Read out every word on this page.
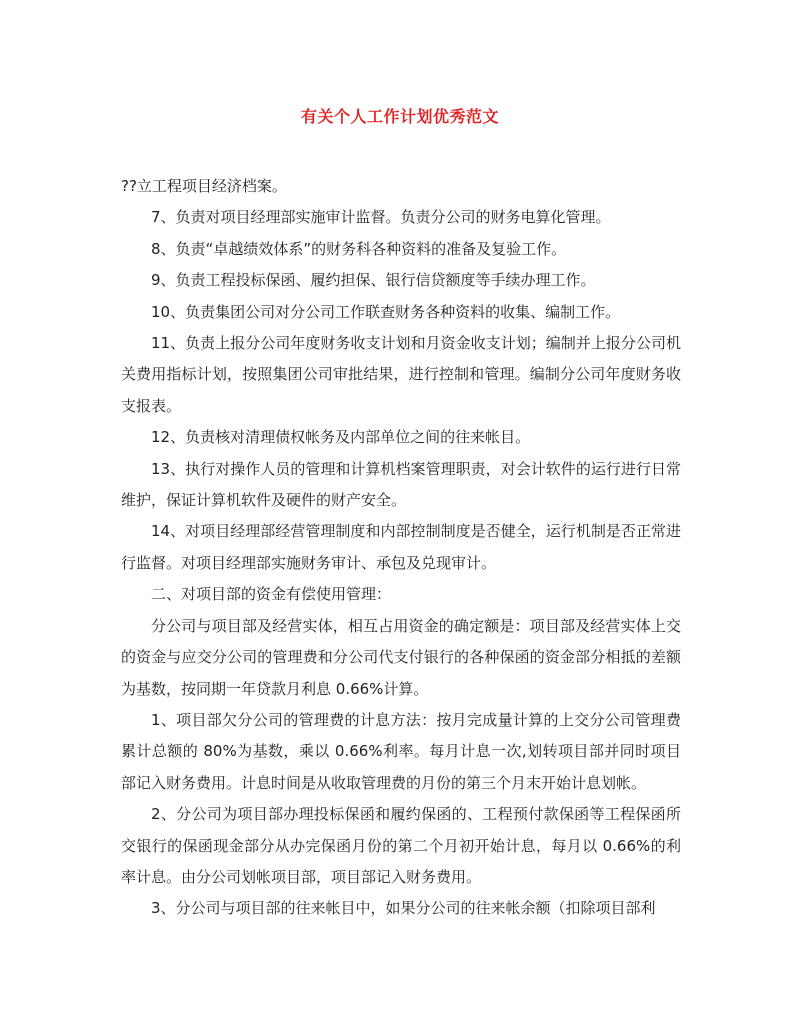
有关个人工作计划优秀范文

??立工程项目经济档案。

7、负责对项目经理部实施审计监督。负责分公司的财务电算化管理。

8、负责“卓越绩效体系”的财务科各种资料的准备及复验工作。

9、负责工程投标保函、履约担保、银行信贷额度等手续办理工作。

10、负责集团公司对分公司工作联查财务各种资料的收集、编制工作。

11、负责上报分公司年度财务收支计划和月资金收支计划；编制并上报分公司机关费用指标计划，按照集团公司审批结果，进行控制和管理。编制分公司年度财务收支报表。

12、负责核对清理债权帐务及内部单位之间的往来帐目。

13、执行对操作人员的管理和计算机档案管理职责，对会计软件的运行进行日常维护，保证计算机软件及硬件的财产安全。

14、对项目经理部经营管理制度和内部控制制度是否健全，运行机制是否正常进行监督。对项目经理部实施财务审计、承包及兑现审计。

二、对项目部的资金有偿使用管理：

分公司与项目部及经营实体，相互占用资金的确定额是：项目部及经营实体上交的资金与应交分公司的管理费和分公司代支付银行的各种保函的资金部分相抵的差额为基数，按同期一年贷款月利息 0.66%计算。

1、项目部欠分公司的管理费的计息方法：按月完成量计算的上交分公司管理费累计总额的 80%为基数，乘以 0.66%利率。每月计息一次,划转项目部并同时项目部记入财务费用。计息时间是从收取管理费的月份的第三个月末开始计息划帐。

2、分公司为项目部办理投标保函和履约保函的、工程预付款保函等工程保函所交银行的保函现金部分从办完保函月份的第二个月初开始计息，每月以 0.66%的利率计息。由分公司划帐项目部，项目部记入财务费用。

3、分公司与项目部的往来帐目中，如果分公司的往来帐余额（扣除项目部利
